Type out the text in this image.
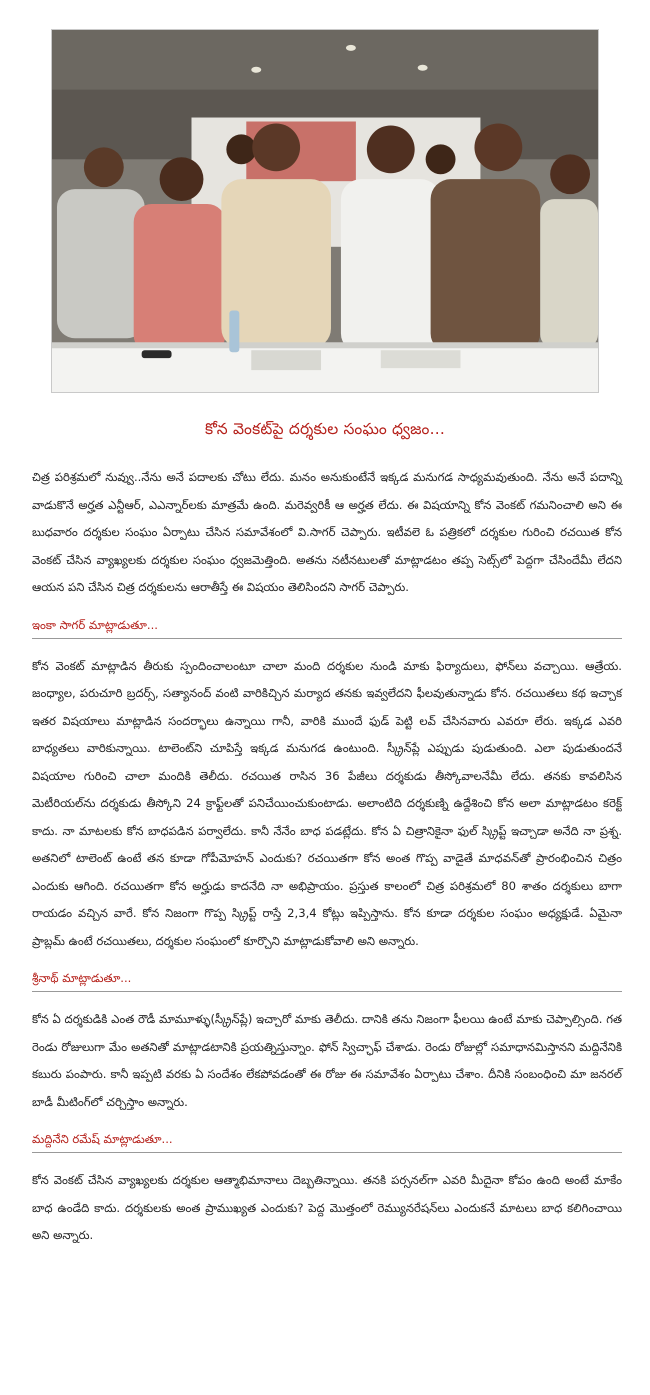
కోన వెంకట్‌పై దర్శకుల సంఘం ధ్వజం...

చిత్ర పరిశ్రమలో నువ్వు..నేను అనే పదాలకు చోటు లేదు. మనం అనుకుంటేనే ఇక్కడ మనుగడ సాధ్యమవుతుంది. నేను అనే పదాన్ని వాడుకొనే అర్హత ఎన్టీఆర్, ఎఎన్నార్‌లకు మాత్రమే ఉంది. మరెవ్వరికీ ఆ అర్హత లేదు. ఈ విషయాన్ని కోన వెంకట్ గమనించాలి అని ఈ బుధవారం దర్శకుల సంఘం ఏర్పాటు చేసిన సమావేశంలో వి.సాగర్ చెప్పారు. ఇటీవలె ఓ పత్రికలో దర్శకుల గురించి రచయిత కోన వెంకట్ చేసిన వ్యాఖ్యలకు దర్శకుల సంఘం ధ్వజమెత్తింది. అతను నటీనటులతో మాట్లాడటం తప్ప సెట్స్‌లో పెద్దగా చేసిందేమీ లేదని ఆయన పని చేసిన చిత్ర దర్శకులను ఆరాతీస్తే ఈ విషయం తెలిసిందని సాగర్ చెప్పారు.

ఇంకా సాగర్ మాట్లాడుతూ...

కోన వెంకట్ మాట్లాడిన తీరుకు స్పందించాలంటూ చాలా మంది దర్శకుల నుండి మాకు ఫిర్యాదులు, ఫోన్‌లు వచ్చాయి. ఆత్రేయ. జంధ్యాల, పరుచూరి బ్రదర్స్, సత్యానంద్ వంటి వారికిచ్చిన మర్యాద తనకు ఇవ్వలేదని ఫీలవుతున్నాడు కోన. రచయితలు కథ ఇచ్చాక ఇతర విషయాలు మాట్లాడిన సందర్భాలు ఉన్నాయి గానీ, వారికి ముందే ఫుడ్ పెట్టి లవ్ చేసినవారు ఎవరూ లేరు. ఇక్కడ ఎవరి బాధ్యతలు వారికున్నాయి. టాలెంట్‌ని చూపిస్తే ఇక్కడ మనుగడ ఉంటుంది. స్క్రీన్‌ప్లే ఎప్పుడు పుడుతుంది. ఎలా పుడుతుందనే విషయాల గురించి చాలా మందికి తెలీదు. రచయిత రాసిన 36 పేజీలు దర్శకుడు తీస్కోవాలనేమీ లేదు. తనకు కావలిసిన మెటీరియల్‌ను దర్శకుడు తీస్కోని 24 క్రాఫ్ట్‌లతో పనిచేయించుకుంటాడు. అలాంటిది దర్శకుణ్ని ఉద్దేశించి కోన అలా మాట్లాడటం కరెక్ట్ కాదు. నా మాటలకు కోన బాధపడిన పర్వాలేదు. కానీ నేనేం బాధ పడట్లేదు. కోన ఏ చిత్రానికైనా ఫుల్ స్క్రిప్ట్ ఇచ్చాడా అనేది నా ప్రశ్న. అతనిలో టాలెంట్ ఉంటే తన కూడా గోపీమోహన్ ఎందుకు? రచయితగా కోన అంత గొప్ప వాడైతే మాధవన్‌తో ప్రారంభించిన చిత్రం ఎందుకు ఆగింది. రచయితగా కోన అర్హుడు కాదనేది నా అభిప్రాయం. ప్రస్తుత కాలంలో చిత్ర పరిశ్రమలో 80 శాతం దర్శకులు బాగా రాయడం వచ్చిన వారే. కోన నిజంగా గొప్ప స్క్రిప్ట్ రాస్తే 2,3,4 కోట్లు ఇప్పిస్తాను. కోన కూడా దర్శకుల సంఘం అధ్యక్షుడే. ఏమైనా ప్రాబ్లమ్ ఉంటే రచయితలు, దర్శకుల సంఘంలో కూర్చొని మాట్లాడుకోవాలి అని అన్నారు.

శ్రీనాథ్ మాట్లాడుతూ...

కోన ఏ దర్శకుడికి ఎంత రౌడీ మామూళ్ళు(స్క్రీన్‌ప్లే) ఇచ్చారో మాకు తెలీదు. దానికి తను నిజంగా ఫీలయి ఉంటే మాకు చెప్పాల్సింది. గత రెండు రోజులుగా మేం అతనితో మాట్లాడటానికి ప్రయత్నిస్తున్నాం. ఫోన్ స్విచ్ఛాఫ్ చేశాడు. రెండు రోజుల్లో సమాధానమిస్తానని మద్దినేనికి కబురు పంపారు. కానీ ఇప్పటి వరకు ఏ సందేశం లేకపోవడంతో ఈ రోజు ఈ సమావేశం ఏర్పాటు చేశాం. దీనికి సంబంధించి మా జనరల్ బాడీ మీటింగ్‌లో చర్చిస్తాం అన్నారు.

మద్దినేని రమేష్ మాట్లాడుతూ...

కోన వెంకట్ చేసిన వ్యాఖ్యలకు దర్శకుల ఆత్మాభిమానాలు దెబ్బతిన్నాయి. తనకి పర్సనల్‌గా ఎవరి మీదైనా కోపం ఉంది అంటే మాకేం బాధ ఉండేది కాదు. దర్శకులకు అంత ప్రాముఖ్యత ఎందుకు? పెద్ద మొత్తంలో రెమ్యునరేషన్‌లు ఎందుకనే మాటలు బాధ కలిగించాయి అని అన్నారు.
